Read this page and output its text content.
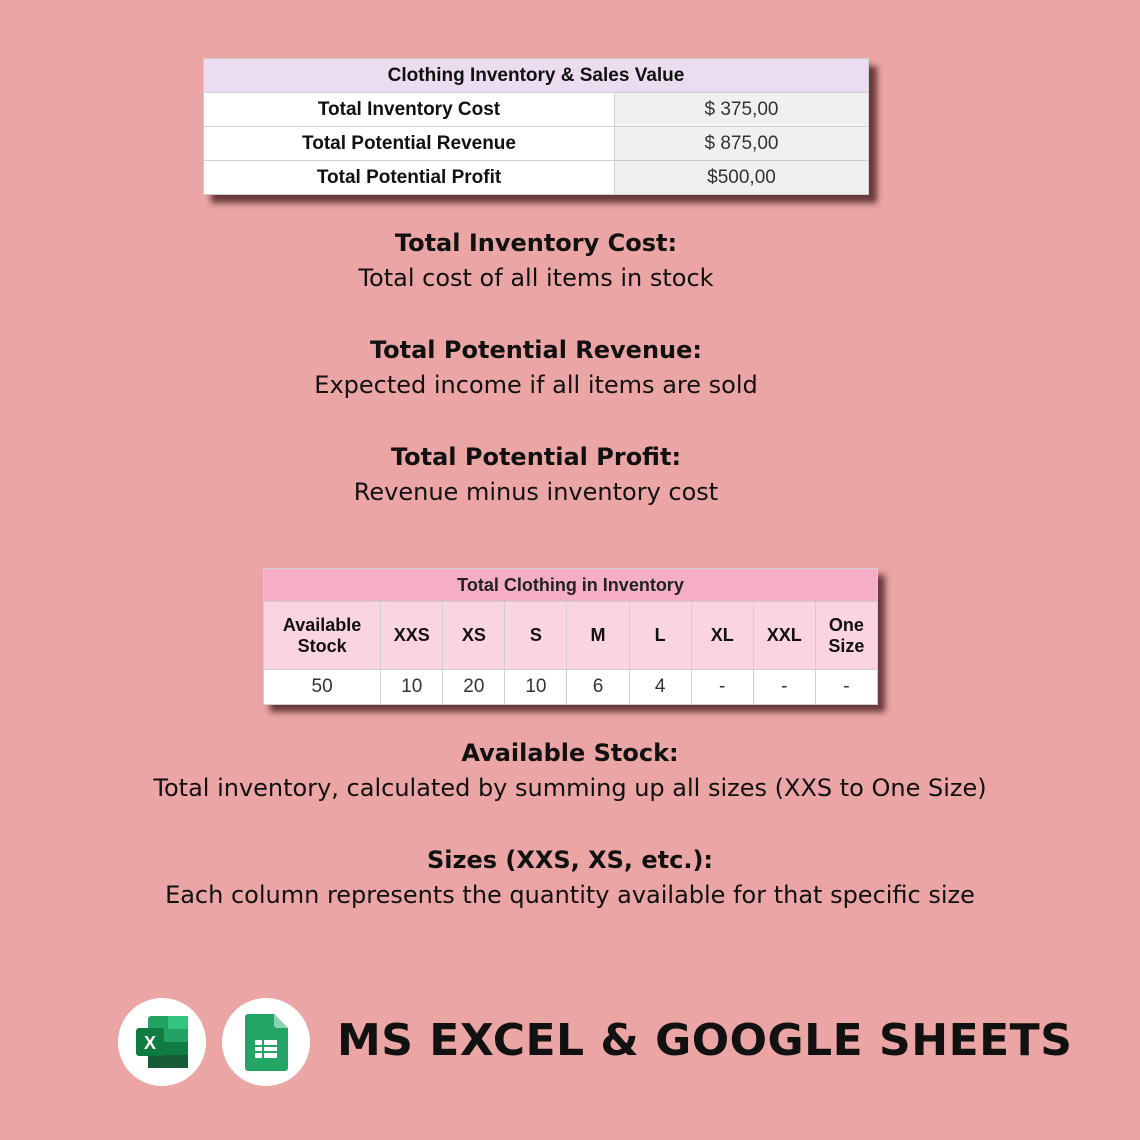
Clothing Inventory & Sales Value	
Total Inventory Cost	$ 375,00
Total Potential Revenue	$ 875,00
Total Potential Profit	$500,00
Total Inventory Cost:
Total cost of all items in stock
Total Potential Revenue:
Expected income if all items are sold
Total Potential Profit:
Revenue minus inventory cost
Total Clothing in Inventory								
Available
Stock	XXS	XS	S	M	L	XL	XXL	One
Size
50	10	20	10	6	4	-	-	-
Available Stock:
Total inventory, calculated by summing up all sizes (XXS to One Size)
Sizes (XXS, XS, etc.):
Each column represents the quantity available for that specific size
X	MS EXCEL & GOOGLE SHEETS
